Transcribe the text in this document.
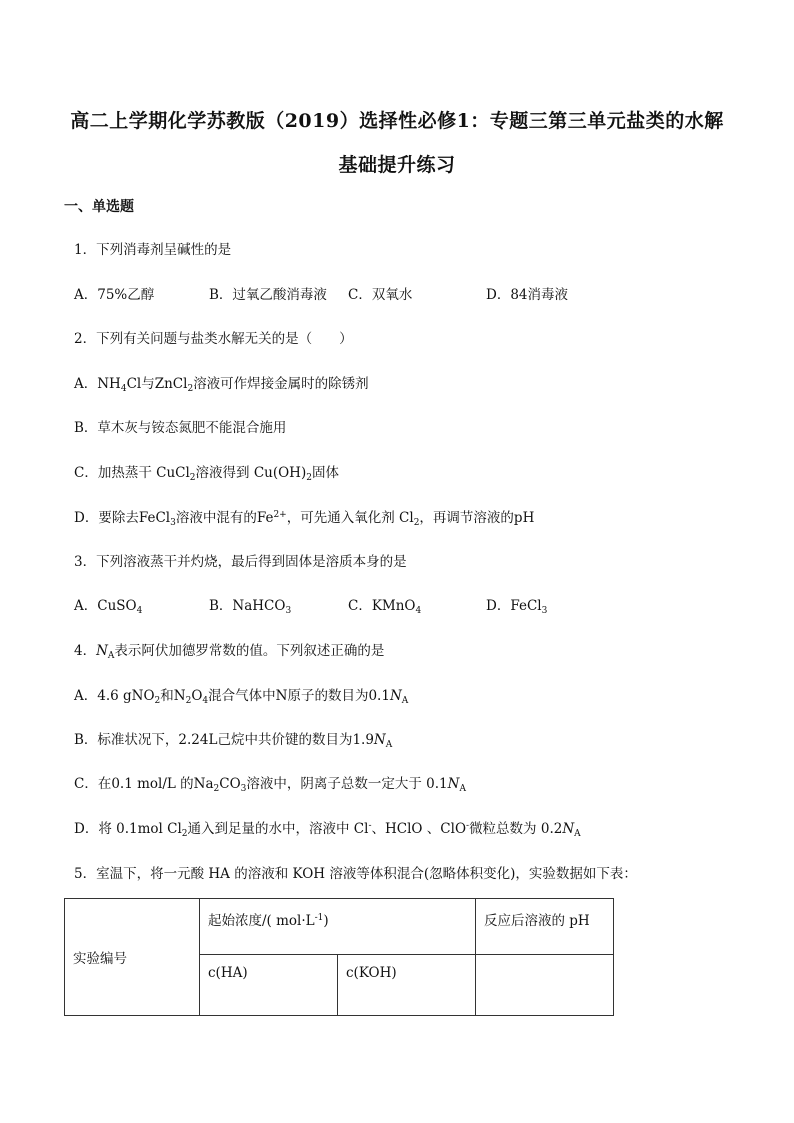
高二上学期化学苏教版（2019）选择性必修1：专题三第三单元盐类的水解
基础提升练习
一、单选题
1．下列消毒剂呈碱性的是
A．75%乙醇	B．过氧乙酸消毒液 C．双氧水	D．84消毒液
2．下列有关问题与盐类水解无关的是（　　）
A．$NH_4Cl$与ZnCl$_2$溶液可作焊接金属时的除锈剂
B．草木灰与铵态氮肥不能混合施用
C．加热蒸干 CuCl$_2$溶液得到 $Cu(OH)_2$固体
D．要除去FeCl$_3$溶液中混有的$Fe^{2+}$，可先通入氧化剂 $Cl_2$，再调节溶液的pH
3．下列溶液蒸干并灼烧，最后得到固体是溶质本身的是
A．CuSO$_4$	B．NaHCO$_3$	C．KMnO$_4$	D．FeCl$_3$
4．$N_A$表示阿伏加德罗常数的值。下列叙述正确的是
A．4.6 gNO$_2$和$N_2O_4$混合气体中N原子的数目为$0.1N_A$
B．标准状况下，2.24L己烷中共价键的数目为$1.9N_A$
C．在0.1 mol/L 的$Na_2CO_3$溶液中，阴离子总数一定大于 $0.1N_A$
D．将 0.1mol $Cl_2$通入到足量的水中，溶液中 Cl-、HClO 、ClO-微粒总数为 $0.2N_A$
5．室温下，将一元酸 HA 的溶液和 KOH 溶液等体积混合(忽略体积变化)，实验数据如下表：
实验编号	起始浓度/( $mol\cdot L^{-1}$)		反应后溶液的 pH
	c(HA)	c(KOH)	
